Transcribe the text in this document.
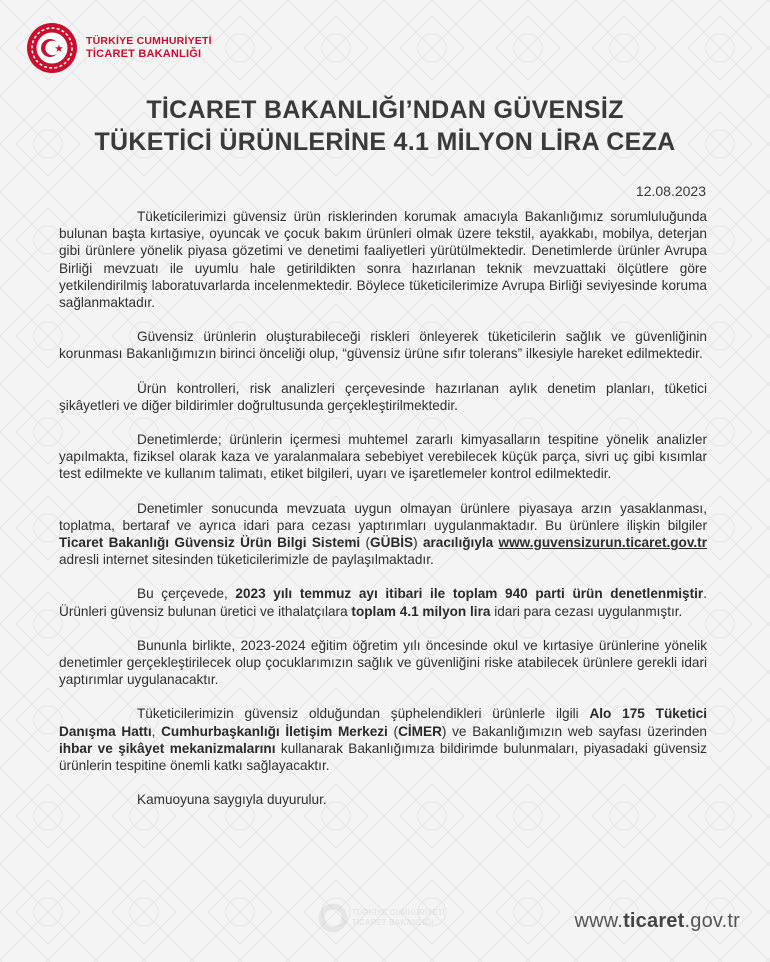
TÜRKİYE CUMHURİYETİ
TİCARET BAKANLIĞI
TİCARET BAKANLIĞI’NDAN GÜVENSİZ
TÜKETİCİ ÜRÜNLERİNE 4.1 MİLYON LİRA CEZA
12.08.2023

Tüketicilerimizi güvensiz ürün risklerinden korumak amacıyla Bakanlığımız sorumluluğunda bulunan başta kırtasiye, oyuncak ve çocuk bakım ürünleri olmak üzere tekstil, ayakkabı, mobilya, deterjan gibi ürünlere yönelik piyasa gözetimi ve denetimi faaliyetleri yürütülmektedir. Denetimlerde ürünler Avrupa Birliği mevzuatı ile uyumlu hale getirildikten sonra hazırlanan teknik mevzuattaki ölçütlere göre yetkilendirilmiş laboratuvarlarda incelenmektedir. Böylece tüketicilerimize Avrupa Birliği seviyesinde koruma sağlanmaktadır.

Güvensiz ürünlerin oluşturabileceği riskleri önleyerek tüketicilerin sağlık ve güvenliğinin korunması Bakanlığımızın birinci önceliği olup, “güvensiz ürüne sıfır tolerans” ilkesiyle hareket edilmektedir.

Ürün kontrolleri, risk analizleri çerçevesinde hazırlanan aylık denetim planları, tüketici şikâyetleri ve diğer bildirimler doğrultusunda gerçekleştirilmektedir.

Denetimlerde; ürünlerin içermesi muhtemel zararlı kimyasalların tespitine yönelik analizler yapılmakta, fiziksel olarak kaza ve yaralanmalara sebebiyet verebilecek küçük parça, sivri uç gibi kısımlar test edilmekte ve kullanım talimatı, etiket bilgileri, uyarı ve işaretlemeler kontrol edilmektedir.

Denetimler sonucunda mevzuata uygun olmayan ürünlere piyasaya arzın yasaklanması, toplatma, bertaraf ve ayrıca idari para cezası yaptırımları uygulanmaktadır. Bu ürünlere ilişkin bilgiler Ticaret Bakanlığı Güvensiz Ürün Bilgi Sistemi (GÜBİS) aracılığıyla www.guvensizurun.ticaret.gov.tr adresli internet sitesinden tüketicilerimizle de paylaşılmaktadır.

Bu çerçevede, 2023 yılı temmuz ayı itibari ile toplam 940 parti ürün denetlenmiştir. Ürünleri güvensiz bulunan üretici ve ithalatçılara toplam 4.1 milyon lira idari para cezası uygulanmıştır.

Bununla birlikte, 2023-2024 eğitim öğretim yılı öncesinde okul ve kırtasiye ürünlerine yönelik denetimler gerçekleştirilecek olup çocuklarımızın sağlık ve güvenliğini riske atabilecek ürünlere gerekli idari yaptırımlar uygulanacaktır.

Tüketicilerimizin güvensiz olduğundan şüphelendikleri ürünlerle ilgili Alo 175 Tüketici Danışma Hattı, Cumhurbaşkanlığı İletişim Merkezi (CİMER) ve Bakanlığımızın web sayfası üzerinden ihbar ve şikâyet mekanizmalarını kullanarak Bakanlığımıza bildirimde bulunmaları, piyasadaki güvensiz ürünlerin tespitine önemli katkı sağlayacaktır.

Kamuoyuna saygıyla duyurulur.

TÜRKİYE CUMHURİYETİ
TİCARET BAKANLIĞI	www.ticaret.gov.tr
